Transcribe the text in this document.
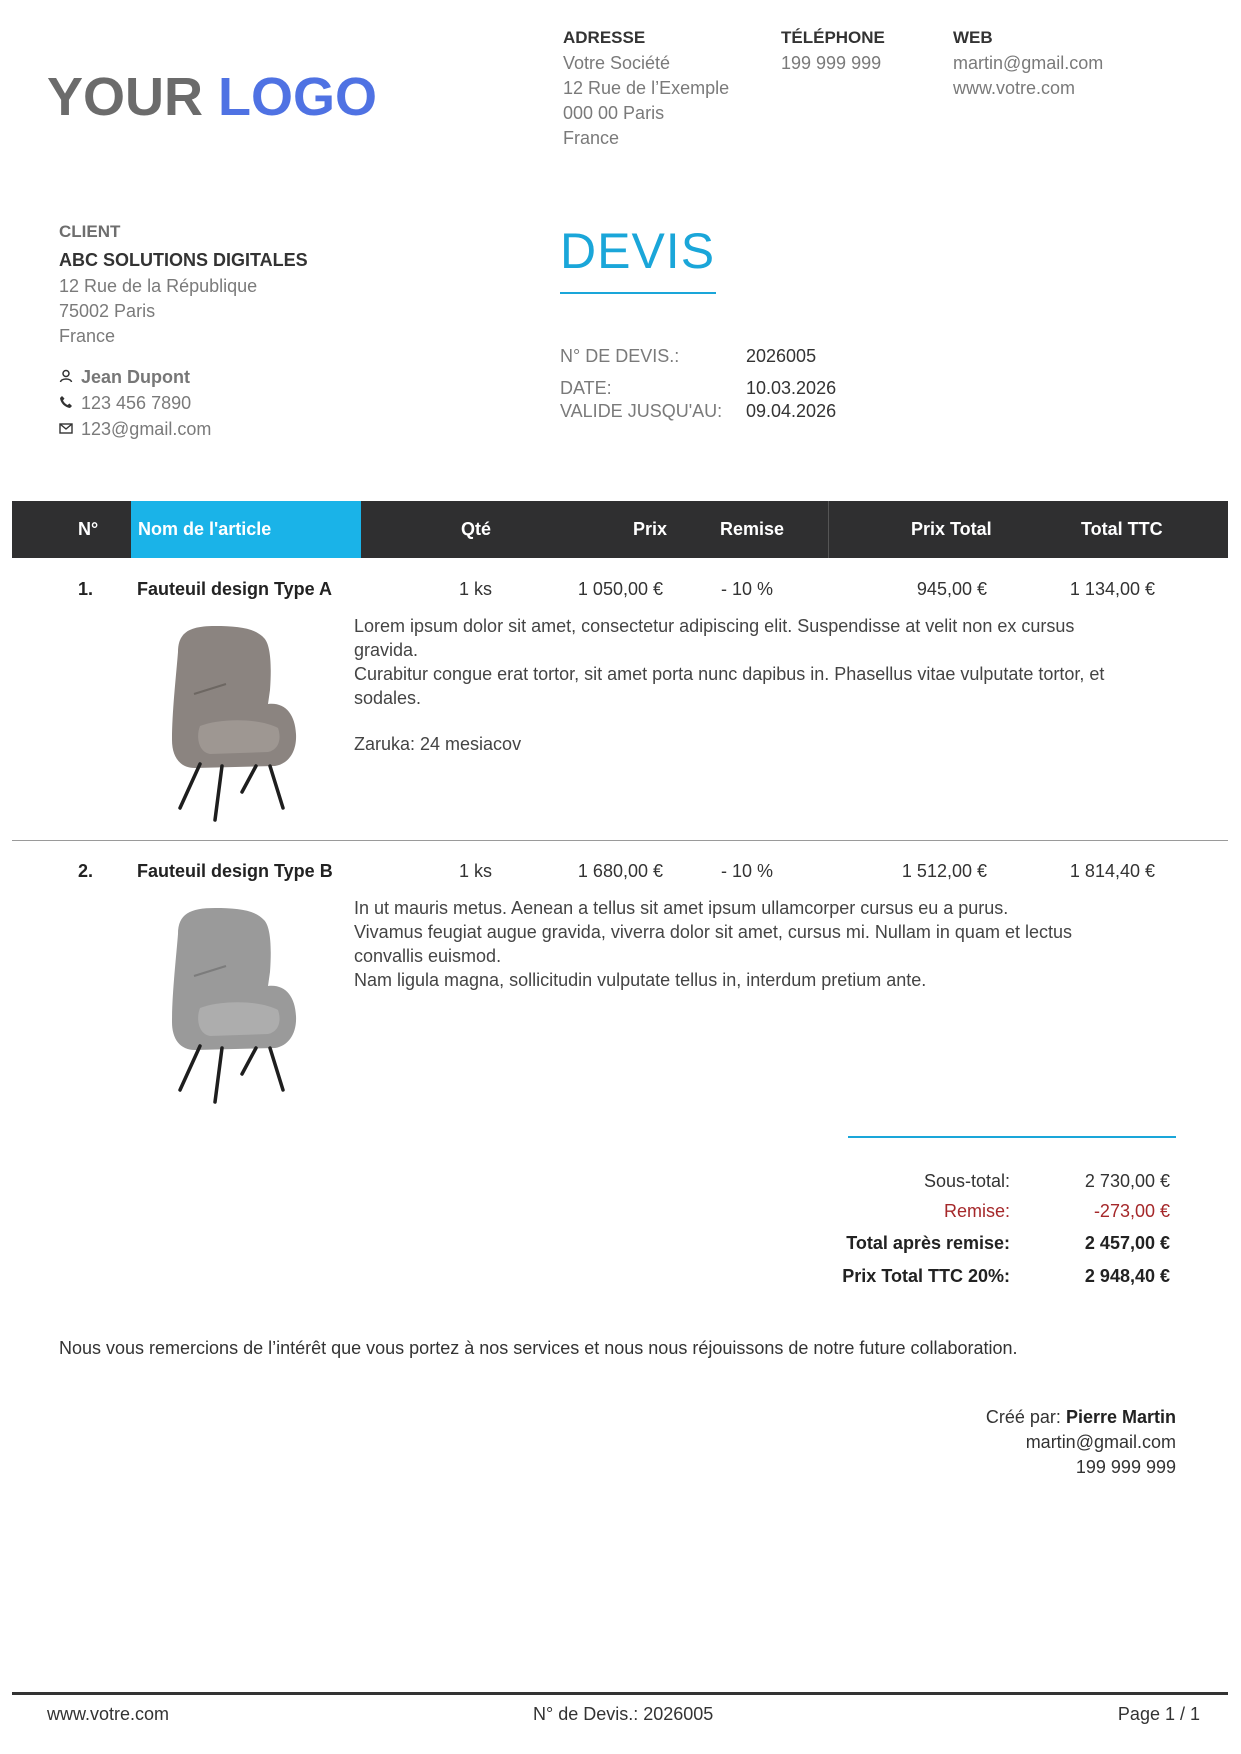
YOUR LOGO
ADRESSE
Votre Société
12 Rue de l’Exemple
000 00 Paris
France
TÉLÉPHONE
199 999 999
WEB
martin@gmail.com
www.votre.com
CLIENT
ABC SOLUTIONS DIGITALES
12 Rue de la République
75002 Paris
France
Jean Dupont
123 456 7890
123@gmail.com
DEVIS
N° DE DEVIS.:	2026005
DATE:	10.03.2026
VALIDE JUSQU'AU: 09.04.2026
N°	Nom de l'article	Qté	Prix	Remise	Prix Total	Total TTC
1. Fauteuil design Type A	1 ks	1 050,00 €	- 10 %	945,00 €	1 134,00 €
Lorem ipsum dolor sit amet, consectetur adipiscing elit. Suspendisse at velit non ex cursus
gravida.
Curabitur congue erat tortor, sit amet porta nunc dapibus in. Phasellus vitae vulputate tortor, et
sodales.
Zaruka: 24 mesiacov
2. Fauteuil design Type B	1 ks	1 680,00 €	- 10 %	1 512,00 €	1 814,40 €
In ut mauris metus. Aenean a tellus sit amet ipsum ullamcorper cursus eu a purus.
Vivamus feugiat augue gravida, viverra dolor sit amet, cursus mi. Nullam in quam et lectus
convallis euismod.
Nam ligula magna, sollicitudin vulputate tellus in, interdum pretium ante.
Sous-total:	2 730,00 €
Remise:	-273,00 €
Total après remise:	2 457,00 €
Prix Total TTC 20%:	2 948,40 €
Nous vous remercions de l’intérêt que vous portez à nos services et nous nous réjouissons de notre future collaboration.
Créé par: Pierre Martin
martin@gmail.com
199 999 999
www.votre.com	N° de Devis.: 2026005	Page 1 / 1
